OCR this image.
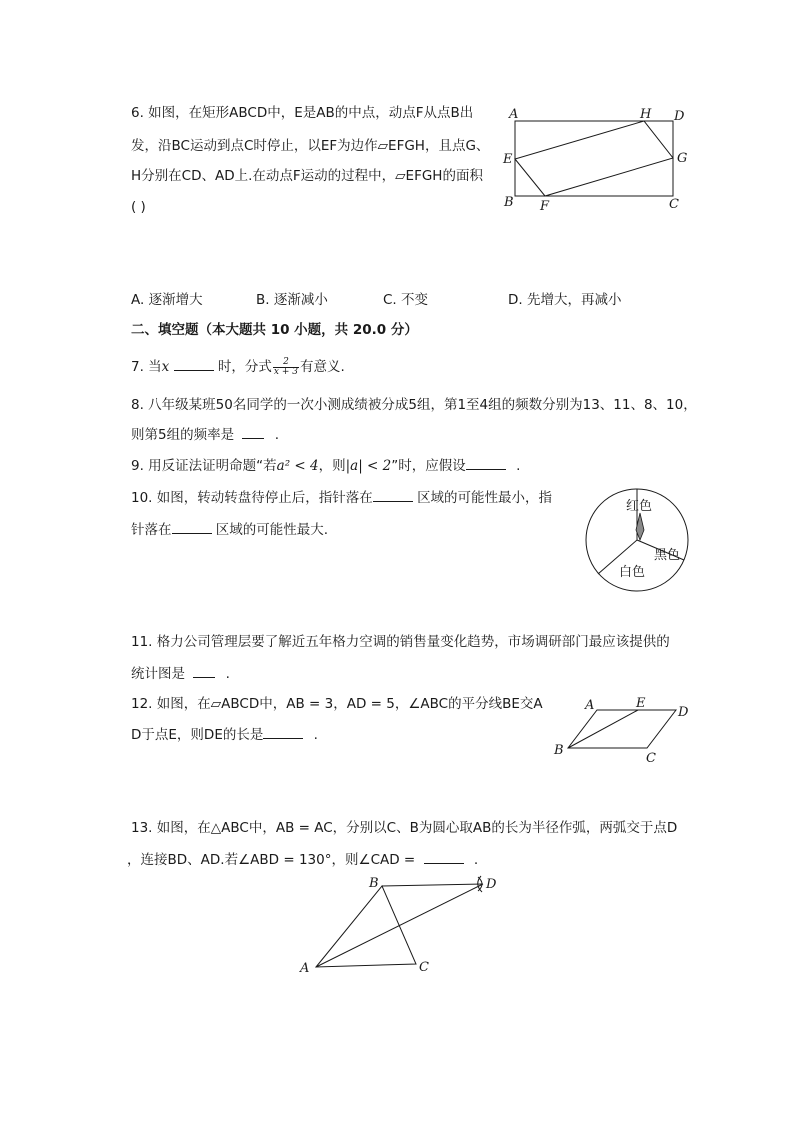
6. 如图，在矩形ABCD中，E是AB的中点，动点F从点B出
发，沿BC运动到点C时停止，以EF为边作▱EFGH，且点G、
H分别在CD、AD上.在动点F运动的过程中，▱EFGH的面积
( )
A	H D
E	G
B F	C
A. 逐渐增大	B. 逐渐减小	C. 不变	D. 先增大，再减小
二、填空题（本大题共 10 小题，共 20.0 分）
7. 当x	时，分式 $\frac{2}{x + 3}$ 有意义.
8. 八年级某班50名同学的一次小测成绩被分成5组，第1至4组的频数分别为13、11、8、10，
则第5组的频率是	.
9. 用反证法证明命题“若a² < 4，则|a| < 2”时，应假设	.
10. 如图，转动转盘待停止后，指针落在	区域的可能性最小，指
针落在	区域的可能性最大.
红色
黑色
白色
11. 格力公司管理层要了解近五年格力空调的销售量变化趋势，市场调研部门最应该提供的
统计图是	.
12. 如图，在▱ABCD中，AB = 3，AD = 5，∠ABC的平分线BE交A
D于点E，则DE的长是	.
A	E
D
B
C
13. 如图，在△ABC中，AB = AC，分别以C、B为圆心取AB的长为半径作弧，两弧交于点D
，连接BD、AD.若∠ABD = 130°，则∠CAD =	.
B	D
A	C
